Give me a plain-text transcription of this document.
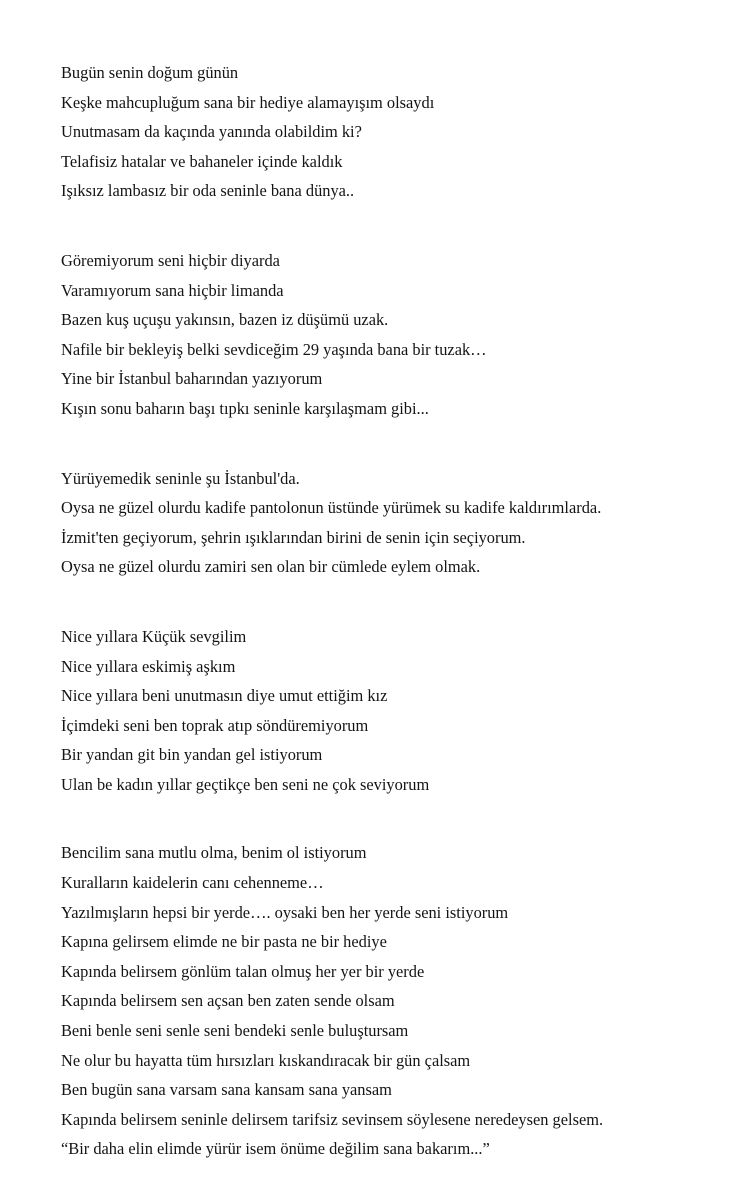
Bugün senin doğum günün
Keşke mahcupluğum sana bir hediye alamayışım olsaydı
Unutmasam da kaçında yanında olabildim ki?
Telafisiz hatalar ve bahaneler içinde kaldık
Işıksız lambasız bir oda seninle bana dünya..
Göremiyorum seni hiçbir diyarda
Varamıyorum sana hiçbir limanda
Bazen kuş uçuşu yakınsın, bazen iz düşümü uzak.
Nafile bir bekleyiş belki sevdiceğim 29 yaşında bana bir tuzak…
Yine bir İstanbul baharından yazıyorum
Kışın sonu baharın başı tıpkı seninle karşılaşmam gibi...
Yürüyemedik seninle şu İstanbul'da.
Oysa ne güzel olurdu kadife pantolonun üstünde yürümek su kadife kaldırımlarda.
İzmit'ten geçiyorum, şehrin ışıklarından birini de senin için seçiyorum.
Oysa ne güzel olurdu zamiri sen olan bir cümlede eylem olmak.
Nice yıllara Küçük sevgilim
Nice yıllara eskimiş aşkım
Nice yıllara beni unutmasın diye umut ettiğim kız
İçimdeki seni ben toprak atıp söndüremiyorum
Bir yandan git bin yandan gel istiyorum
Ulan be kadın yıllar geçtikçe ben seni ne çok seviyorum
Bencilim sana mutlu olma, benim ol istiyorum
Kuralların kaidelerin canı cehenneme…
Yazılmışların hepsi bir yerde…. oysaki ben her yerde seni istiyorum
Kapına gelirsem elimde ne bir pasta ne bir hediye
Kapında belirsem gönlüm talan olmuş her yer bir yerde
Kapında belirsem sen açsan ben zaten sende olsam
Beni benle seni senle seni bendeki senle buluştursam
Ne olur bu hayatta tüm hırsızları kıskandıracak bir gün çalsam
Ben bugün sana varsam sana kansam sana yansam
Kapında belirsem seninle delirsem tarifsiz sevinsem söylesene neredeysen gelsem.
“Bir daha elin elimde yürür isem önüme değilim sana bakarım...”
